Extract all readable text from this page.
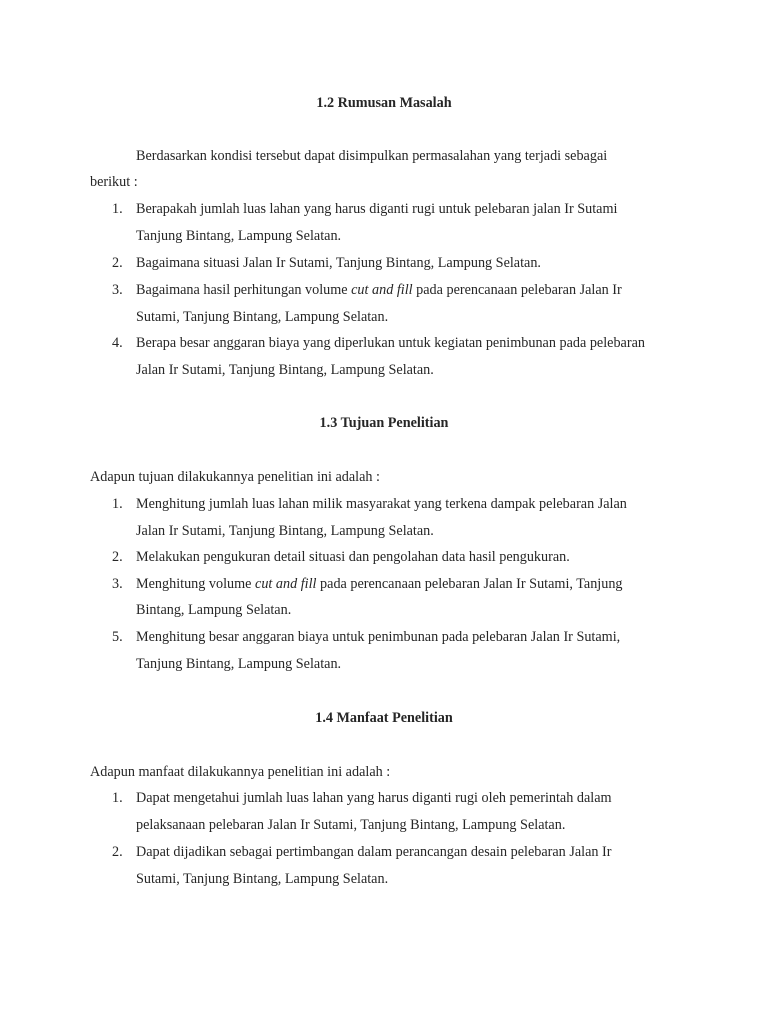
1.2 Rumusan Masalah
Berdasarkan kondisi tersebut dapat disimpulkan permasalahan yang terjadi sebagai
berikut :
1. Berapakah jumlah luas lahan yang harus diganti rugi untuk pelebaran jalan Ir Sutami
Tanjung Bintang, Lampung Selatan.
2. Bagaimana situasi Jalan Ir Sutami, Tanjung Bintang, Lampung Selatan.
3. Bagaimana hasil perhitungan volume cut and fill pada perencanaan pelebaran Jalan Ir
Sutami, Tanjung Bintang, Lampung Selatan.
4. Berapa besar anggaran biaya yang diperlukan untuk kegiatan penimbunan pada pelebaran
Jalan Ir Sutami, Tanjung Bintang, Lampung Selatan.
1.3 Tujuan Penelitian
Adapun tujuan dilakukannya penelitian ini adalah :
1. Menghitung jumlah luas lahan milik masyarakat yang terkena dampak pelebaran Jalan
Jalan Ir Sutami, Tanjung Bintang, Lampung Selatan.
2. Melakukan pengukuran detail situasi dan pengolahan data hasil pengukuran.
3. Menghitung volume cut and fill pada perencanaan pelebaran Jalan Ir Sutami, Tanjung
Bintang, Lampung Selatan.
5. Menghitung besar anggaran biaya untuk penimbunan pada pelebaran Jalan Ir Sutami,
Tanjung Bintang, Lampung Selatan.
1.4 Manfaat Penelitian
Adapun manfaat dilakukannya penelitian ini adalah :
1. Dapat mengetahui jumlah luas lahan yang harus diganti rugi oleh pemerintah dalam
pelaksanaan pelebaran Jalan Ir Sutami, Tanjung Bintang, Lampung Selatan.
2. Dapat dijadikan sebagai pertimbangan dalam perancangan desain pelebaran Jalan Ir
Sutami, Tanjung Bintang, Lampung Selatan.
